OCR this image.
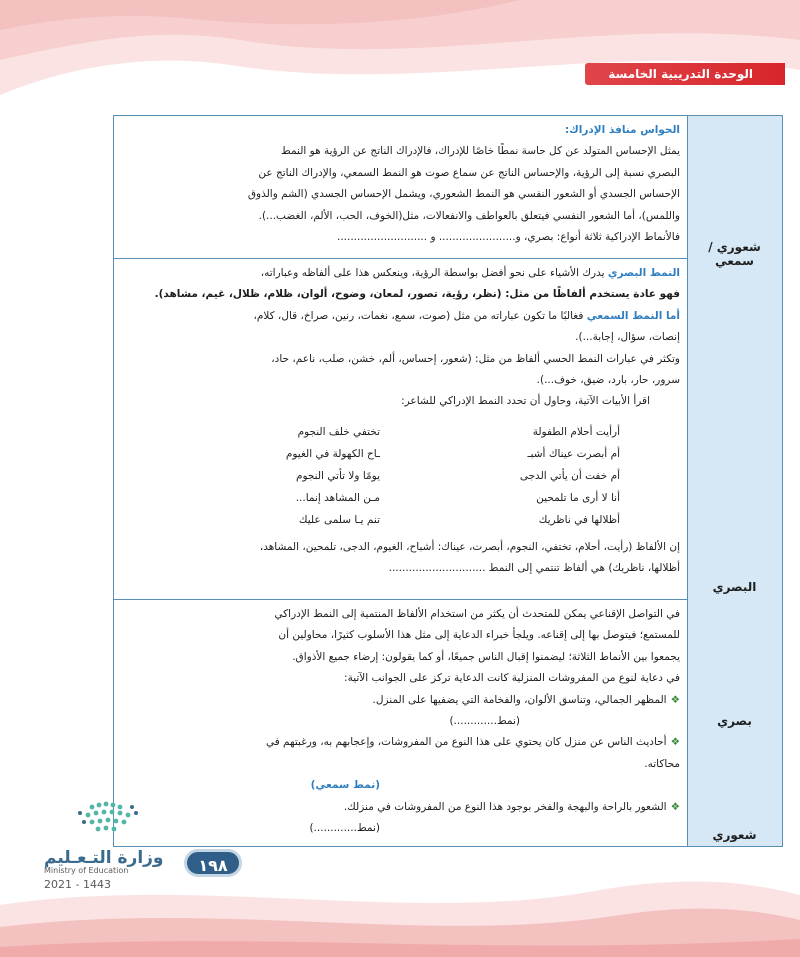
الوحدة التدريبية الخامسة
شعوري / سمعي
البصري
بصري
شعوري

الحواس منافذ الإدراك:

يمثل الإحساس المتولد عن كل حاسة نمطًا خاصًا للإدراك، فالإدراك الناتج عن الرؤية هو النمط

البصري نسبة إلى الرؤية، والإحساس الناتج عن سماع صوت هو النمط السمعي، والإدراك الناتج عن

الإحساس الجسدي أو الشعور النفسي هو النمط الشعوري، ويشمل الإحساس الجسدي (الشم والذوق

واللمس)، أما الشعور النفسي فيتعلق بالعواطف والانفعالات، مثل(الخوف، الحب، الألم، الغضب...).

فالأنماط الإدراكية ثلاثة أنواع: بصري، و....................... و ...........................

النمط البصري يدرك الأشياء على نحو أفضل بواسطة الرؤية، وينعكس هذا على ألفاظه وعباراته،

فهو عادة يستخدم ألفاظًا من مثل: (نظر، رؤية، تصور، لمعان، وضوح، ألوان، ظلام، ظلال، غيم، مشاهد).

أما النمط السمعي فغالبًا ما تكون عباراته من مثل (صوت، سمع، نغمات، رنين، صراخ، قال، كلام،

إنصات، سؤال، إجابة...).

وتكثر في عبارات النمط الحسي ألفاظ من مثل: (شعور، إحساس، ألم، خشن، صلب، ناعم، حاد،

سرور، حار، بارد، ضيق، خوف...).

اقرأ الأبيات الآتية، وحاول أن تحدد النمط الإدراكي للشاعر:

أرأيت أحلام الطفولة
أم أبصرت عيناك أشبـ
أم خفت أن يأتي الدجى
أنا لا أرى ما تلمحين
أظلالها في ناظريك
تختفي خلف النجوم
ـاح الكهولة في الغيوم
يومًا ولا تأتي النجوم
مـن المشاهد إنما...
تنم يـا سلمى عليك

إن الألفاظ (رأيت، أحلام، تختفي، النجوم، أبصرت، عيناك: أشباح، الغيوم، الدجى، تلمحين، المشاهد،

أظلالها، ناظريك) هي ألفاظ تنتمي إلى النمط .............................

في التواصل الإقناعي يمكن للمتحدث أن يكثر من استخدام الألفاظ المنتمية إلى النمط الإدراكي

للمستمع؛ فيتوصل بها إلى إقناعه. ويلجأ خبراء الدعاية إلى مثل هذا الأسلوب كثيرًا، محاولين أن

يجمعوا بين الأنماط الثلاثة؛ ليضمنوا إقبال الناس جميعًا، أو كما يقولون: إرضاء جميع الأذواق.

في دعاية لنوع من المفروشات المنزلية كانت الدعاية تركز على الجوانب الآتية:

❖المظهر الجمالي، وتناسق الألوان، والفخامة التي يضفيها على المنزل.

(نمط.............)

❖أحاديث الناس عن منزل كان يحتوي على هذا النوع من المفروشات، وإعجابهم به، ورغبتهم في

محاكاته.

(نمط سمعي)

❖الشعور بالراحة والبهجة والفخر بوجود هذا النوع من المفروشات في منزلك.

(نمط.............)

وزارة التـعـليم
Ministry of Education
2021 - 1443
١٩٨
